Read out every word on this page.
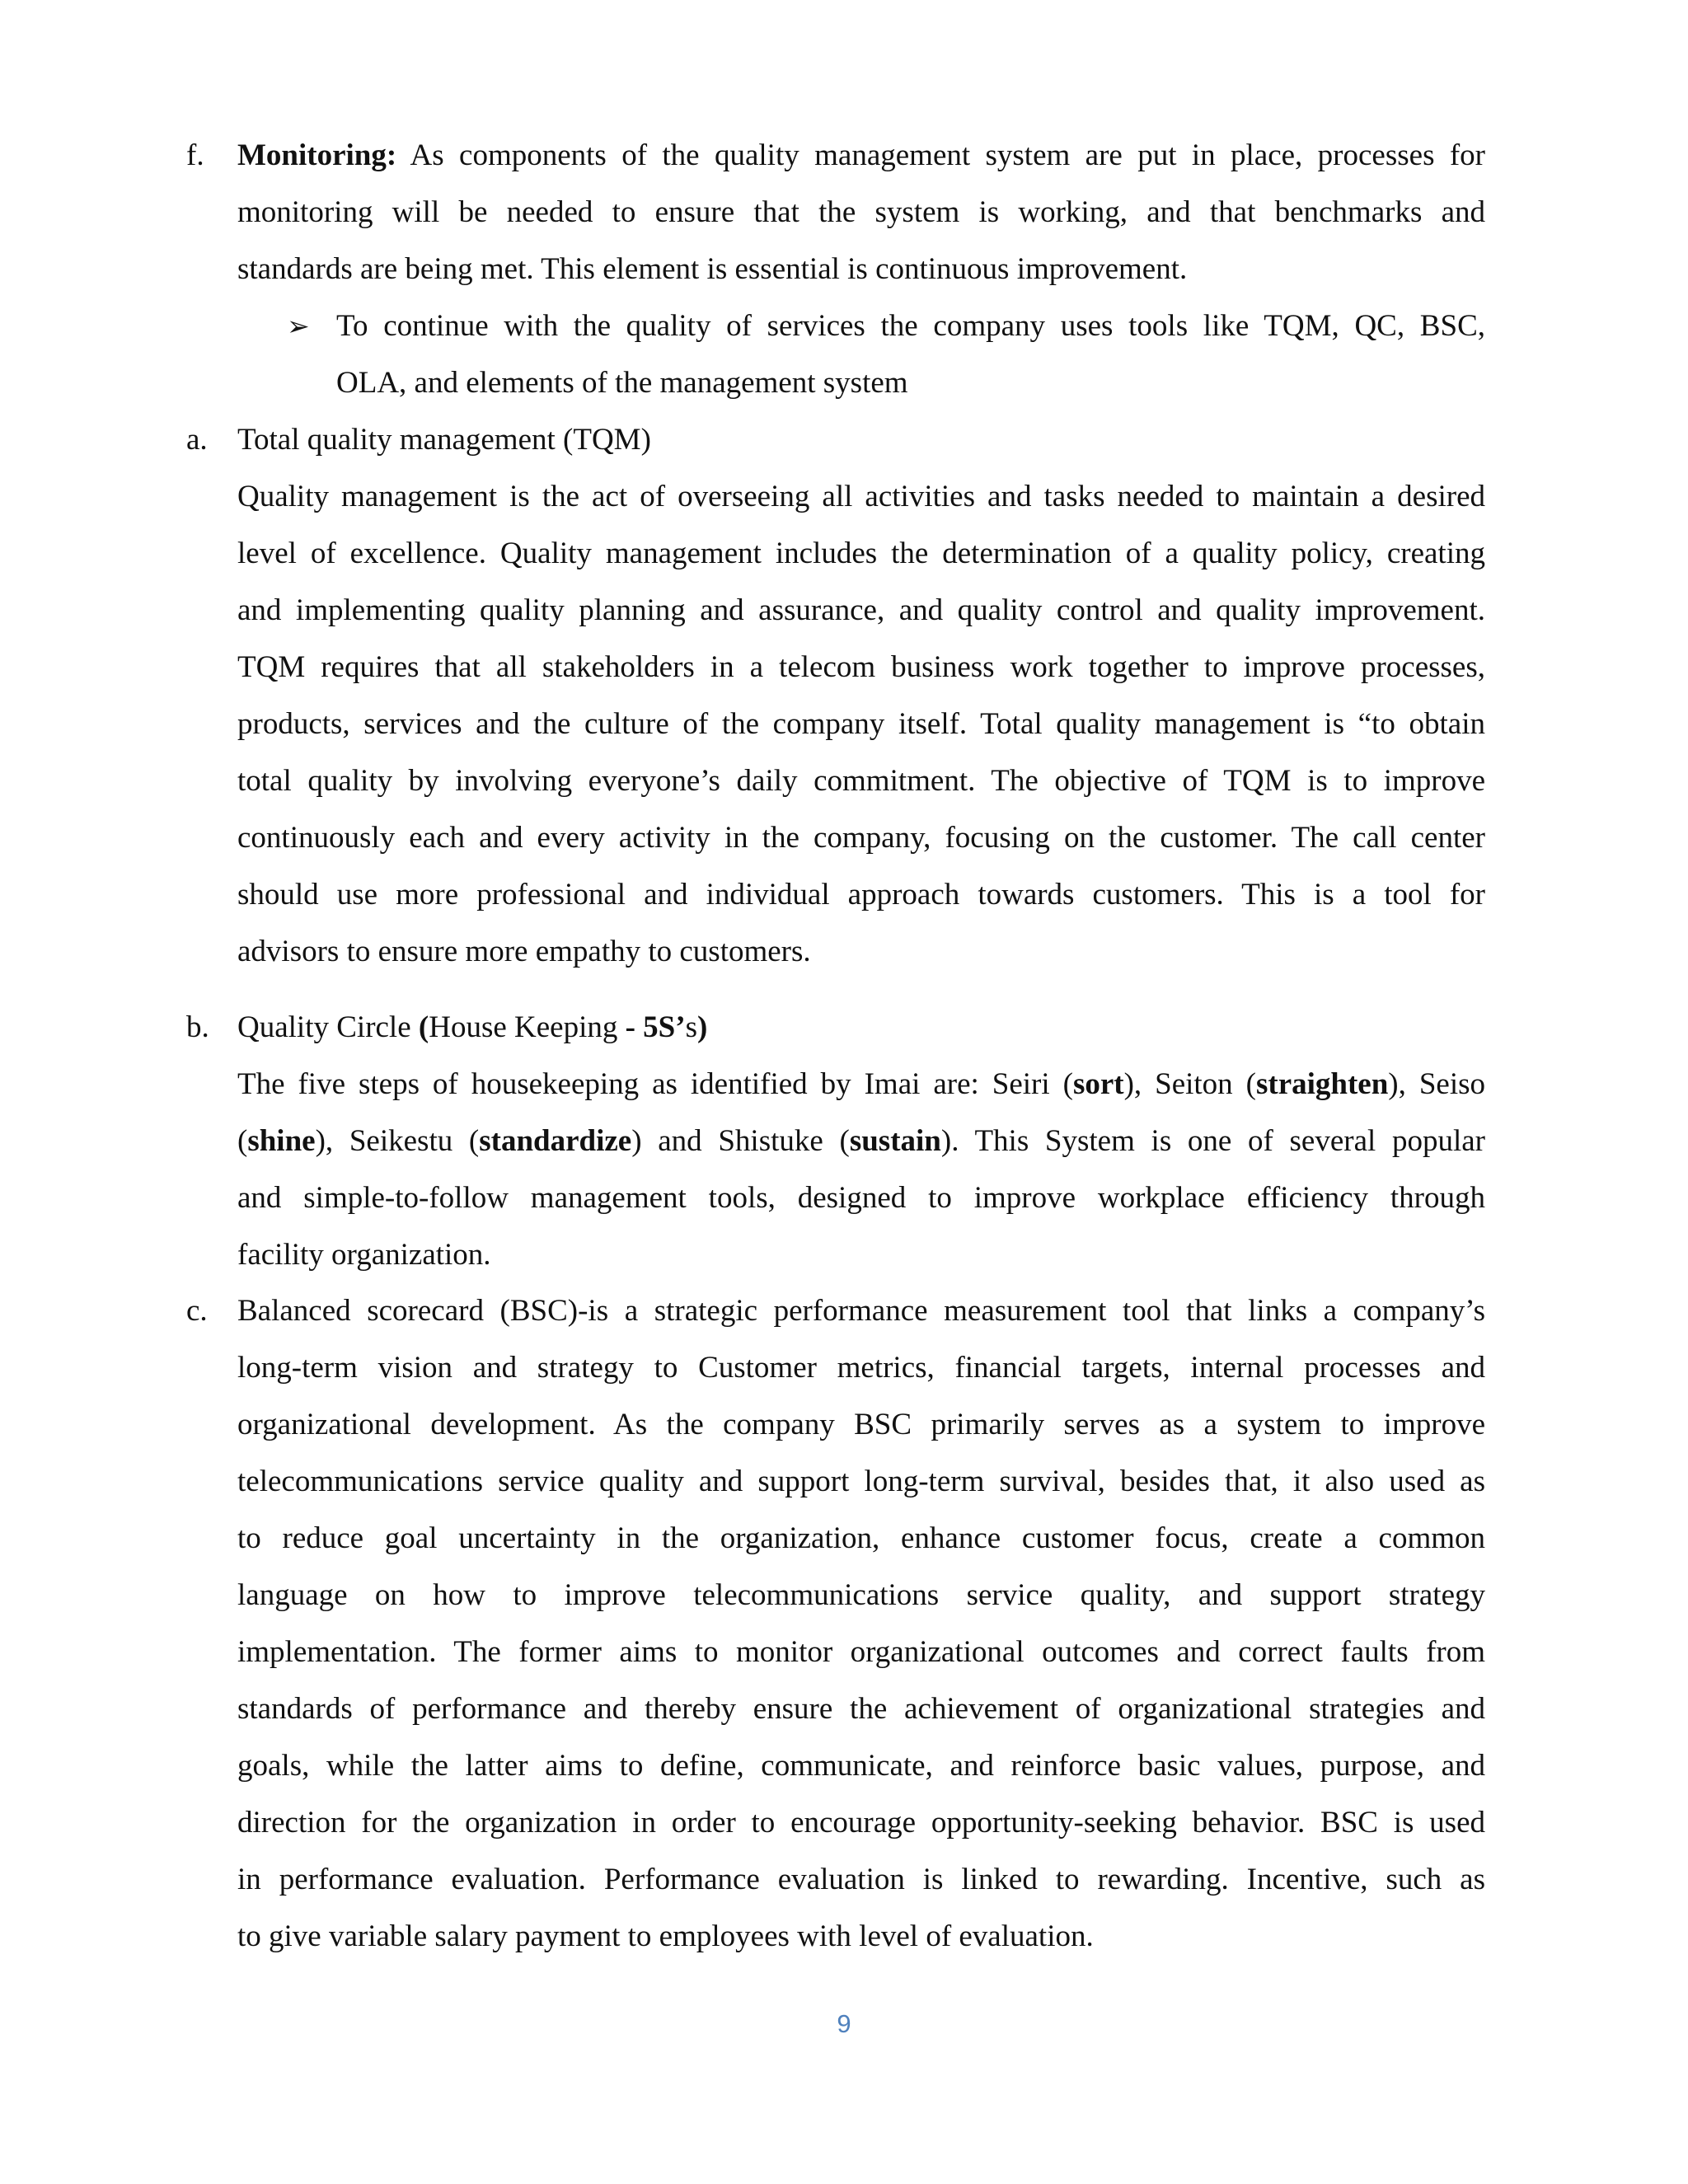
f. Monitoring: As components of the quality management system are put in place, processes for
monitoring will be needed to ensure that the system is working, and that benchmarks and
standards are being met. This element is essential is continuous improvement.
➢ To continue with the quality of services the company uses tools like TQM, QC, BSC,
OLA, and elements of the management system
a. Total quality management (TQM)
Quality management is the act of overseeing all activities and tasks needed to maintain a desired
level of excellence. Quality management includes the determination of a quality policy, creating
and implementing quality planning and assurance, and quality control and quality improvement.
TQM requires that all stakeholders in a telecom business work together to improve processes,
products, services and the culture of the company itself. Total quality management is “to obtain
total quality by involving everyone’s daily commitment. The objective of TQM is to improve
continuously each and every activity in the company, focusing on the customer. The call center
should use more professional and individual approach towards customers. This is a tool for
advisors to ensure more empathy to customers.
b. Quality Circle (House Keeping - 5S’s)
The five steps of housekeeping as identified by Imai are: Seiri (sort), Seiton (straighten), Seiso
(shine), Seikestu (standardize) and Shistuke (sustain). This System is one of several popular
and simple-to-follow management tools, designed to improve workplace efficiency through
facility organization.
c. Balanced scorecard (BSC)-is a strategic performance measurement tool that links a company’s
long-term vision and strategy to Customer metrics, financial targets, internal processes and
organizational development. As the company BSC primarily serves as a system to improve
telecommunications service quality and support long-term survival, besides that, it also used as
to reduce goal uncertainty in the organization, enhance customer focus, create a common
language on how to improve telecommunications service quality, and support strategy
implementation. The former aims to monitor organizational outcomes and correct faults from
standards of performance and thereby ensure the achievement of organizational strategies and
goals, while the latter aims to define, communicate, and reinforce basic values, purpose, and
direction for the organization in order to encourage opportunity-seeking behavior. BSC is used
in performance evaluation. Performance evaluation is linked to rewarding. Incentive, such as
to give variable salary payment to employees with level of evaluation.
9
